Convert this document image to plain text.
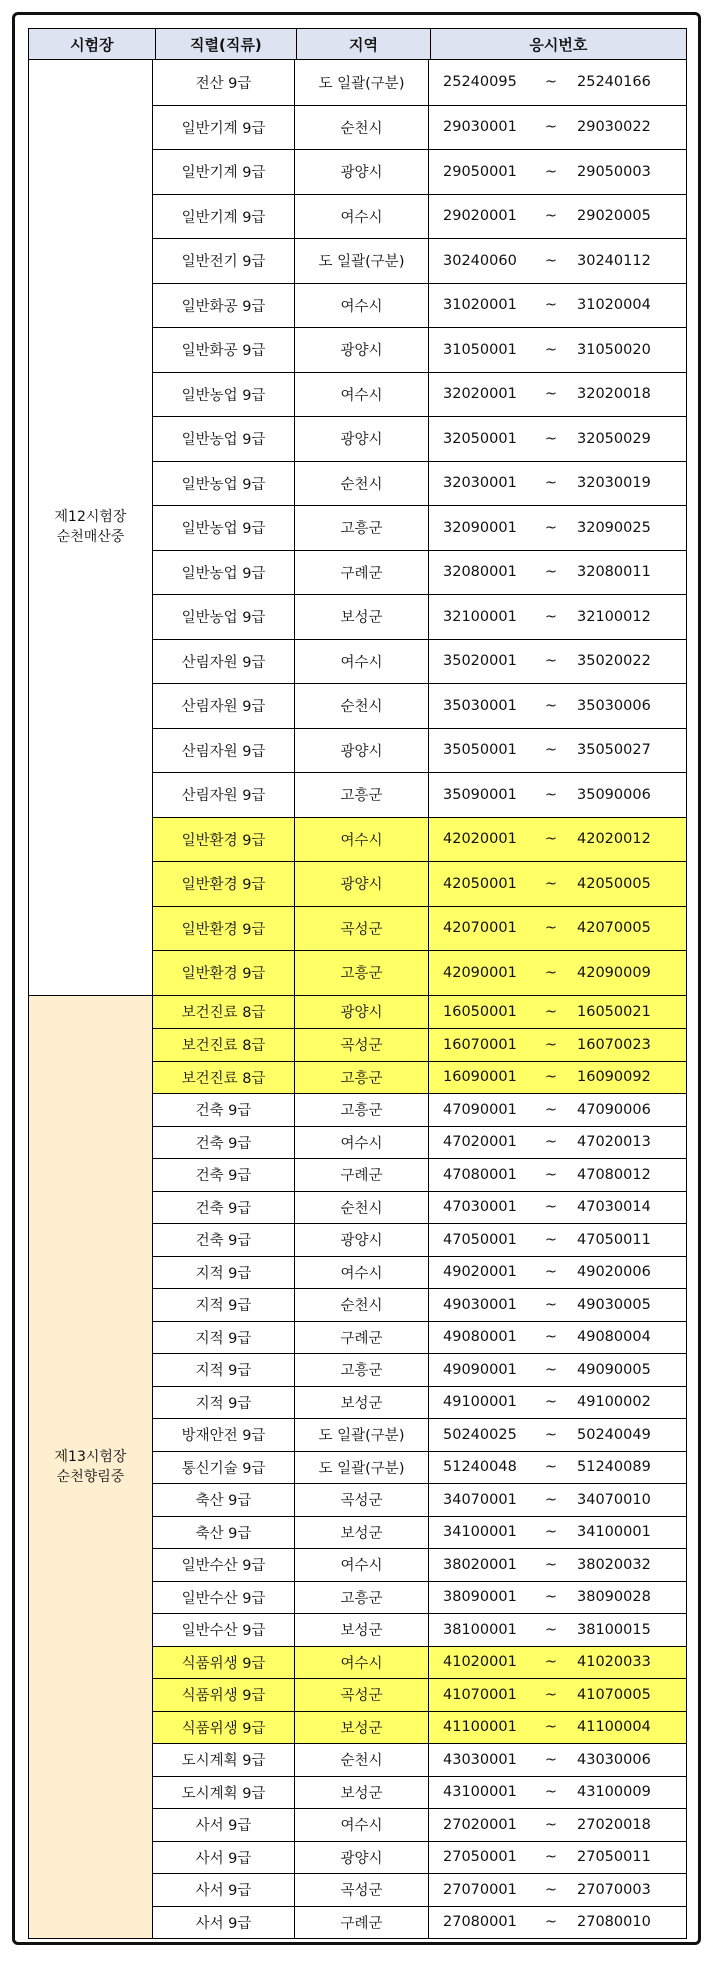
시험장	직렬(직류)	지역	응시번호
제12시험장
순천매산중
전산 9급	도 일괄(구분)	25240095	~	25240166
일반기계 9급	순천시	29030001	~	29030022
일반기계 9급	광양시	29050001	~	29050003
일반기계 9급	여수시	29020001	~	29020005
일반전기 9급	도 일괄(구분)	30240060	~	30240112
일반화공 9급	여수시	31020001	~	31020004
일반화공 9급	광양시	31050001	~	31050020
일반농업 9급	여수시	32020001	~	32020018
일반농업 9급	광양시	32050001	~	32050029
일반농업 9급	순천시	32030001	~	32030019
일반농업 9급	고흥군	32090001	~	32090025
일반농업 9급	구례군	32080001	~	32080011
일반농업 9급	보성군	32100001	~	32100012
산림자원 9급	여수시	35020001	~	35020022
산림자원 9급	순천시	35030001	~	35030006
산림자원 9급	광양시	35050001	~	35050027
산림자원 9급	고흥군	35090001	~	35090006
일반환경 9급	여수시	42020001	~	42020012
일반환경 9급	광양시	42050001	~	42050005
일반환경 9급	곡성군	42070001	~	42070005
일반환경 9급	고흥군	42090001	~	42090009
제13시험장
순천향림중
보건진료 8급	광양시	16050001	~	16050021
보건진료 8급	곡성군	16070001	~	16070023
보건진료 8급	고흥군	16090001	~	16090092
건축 9급	고흥군	47090001	~	47090006
건축 9급	여수시	47020001	~	47020013
건축 9급	구례군	47080001	~	47080012
건축 9급	순천시	47030001	~	47030014
건축 9급	광양시	47050001	~	47050011
지적 9급	여수시	49020001	~	49020006
지적 9급	순천시	49030001	~	49030005
지적 9급	구례군	49080001	~	49080004
지적 9급	고흥군	49090001	~	49090005
지적 9급	보성군	49100001	~	49100002
방재안전 9급	도 일괄(구분)	50240025	~	50240049
통신기술 9급	도 일괄(구분)	51240048	~	51240089
축산 9급	곡성군	34070001	~	34070010
축산 9급	보성군	34100001	~	34100001
일반수산 9급	여수시	38020001	~	38020032
일반수산 9급	고흥군	38090001	~	38090028
일반수산 9급	보성군	38100001	~	38100015
식품위생 9급	여수시	41020001	~	41020033
식품위생 9급	곡성군	41070001	~	41070005
식품위생 9급	보성군	41100001	~	41100004
도시계획 9급	순천시	43030001	~	43030006
도시계획 9급	보성군	43100001	~	43100009
사서 9급	여수시	27020001	~	27020018
사서 9급	광양시	27050001	~	27050011
사서 9급	곡성군	27070001	~	27070003
사서 9급	구례군	27080001	~	27080010
